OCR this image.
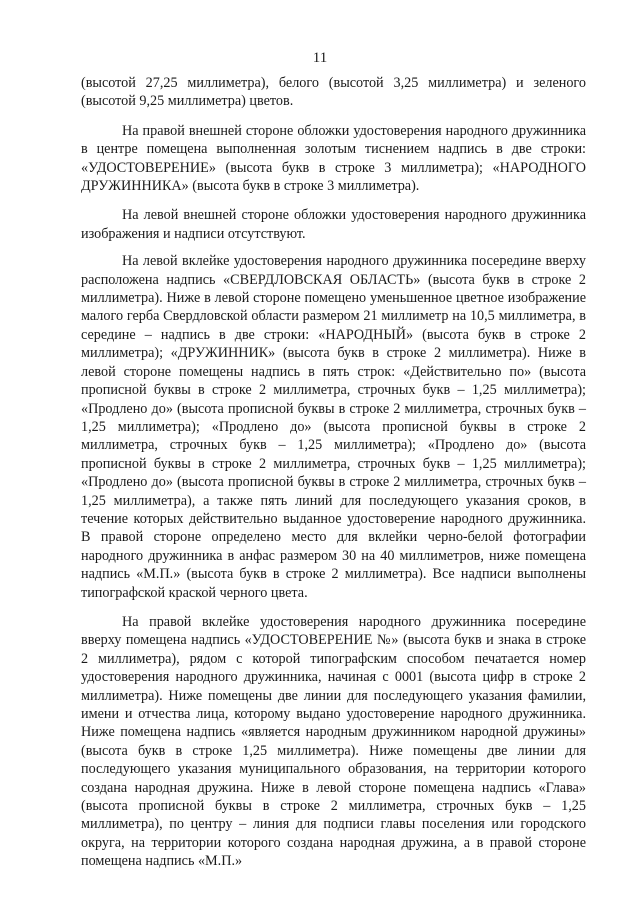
11

(высотой 27,25 миллиметра), белого (высотой 3,25 миллиметра) и зеленого (высотой 9,25 миллиметра) цветов.

На правой внешней стороне обложки удостоверения народного дружинника в центре помещена выполненная золотым тиснением надпись в две строки: «УДОСТОВЕРЕНИЕ» (высота букв в строке 3 миллиметра); «НАРОДНОГО ДРУЖИННИКА» (высота букв в строке 3 миллиметра).

На левой внешней стороне обложки удостоверения народного дружинника изображения и надписи отсутствуют.

На левой вклейке удостоверения народного дружинника посередине вверху расположена надпись «СВЕРДЛОВСКАЯ ОБЛАСТЬ» (высота букв в строке 2 миллиметра). Ниже в левой стороне помещено уменьшенное цветное изображение малого герба Свердловской области размером 21 миллиметр на 10,5 миллиметра, в середине – надпись в две строки: «НАРОДНЫЙ» (высота букв в строке 2 миллиметра); «ДРУЖИННИК» (высота букв в строке 2 миллиметра). Ниже в левой стороне помещены надпись в пять строк: «Действительно по» (высота прописной буквы в строке 2 миллиметра, строчных букв – 1,25 миллиметра); «Продлено до» (высота прописной буквы в строке 2 миллиметра, строчных букв – 1,25 миллиметра); «Продлено до» (высота прописной буквы в строке 2 миллиметра, строчных букв – 1,25 миллиметра); «Продлено до» (высота прописной буквы в строке 2 миллиметра, строчных букв – 1,25 миллиметра); «Продлено до» (высота прописной буквы в строке 2 миллиметра, строчных букв – 1,25 миллиметра), а также пять линий для последующего указания сроков, в течение которых действительно выданное удостоверение народного дружинника. В правой стороне определено место для вклейки черно-белой фотографии народного дружинника в анфас размером 30 на 40 миллиметров, ниже помещена надпись «М.П.» (высота букв в строке 2 миллиметра). Все надписи выполнены типографской краской черного цвета.

На правой вклейке удостоверения народного дружинника посередине вверху помещена надпись «УДОСТОВЕРЕНИЕ №» (высота букв и знака в строке 2 миллиметра), рядом с которой типографским способом печатается номер удостоверения народного дружинника, начиная с 0001 (высота цифр в строке 2 миллиметра). Ниже помещены две линии для последующего указания фамилии, имени и отчества лица, которому выдано удостоверение народного дружинника. Ниже помещена надпись «является народным дружинником народной дружины» (высота букв в строке 1,25 миллиметра). Ниже помещены две линии для последующего указания муниципального образования, на территории которого создана народная дружина. Ниже в левой стороне помещена надпись «Глава» (высота прописной буквы в строке 2 миллиметра, строчных букв – 1,25 миллиметра), по центру – линия для подписи главы поселения или городского округа, на территории которого создана народная дружина, а в правой стороне помещена надпись «М.П.»
